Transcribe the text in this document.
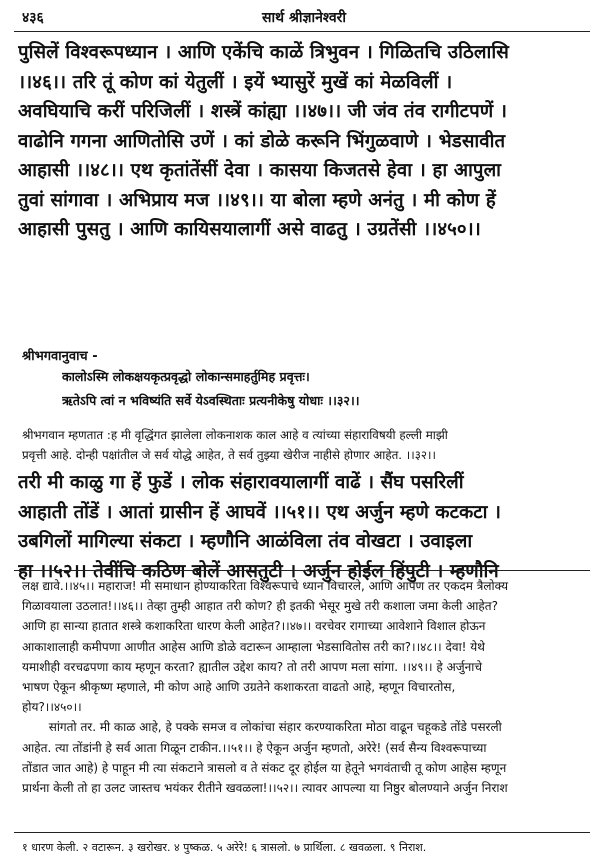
४३६	सार्थ श्रीज्ञानेश्वरी
पुसिलें विश्वरूपध्यान । आणि एकेंचि काळें त्रिभुवन । गिळितचि उठिलासि
।।४६।। तरि तूं कोण कां येतुलीं । इयें भ्यासुरें मुखें कां मेळविलीं ।
अवघियाचि करीं परिजिलीं । शस्त्रें कांह्या ।।४७।। जी जंव तंव रागीटपणें ।
वाढोनि गगना आणितोसि उणें । कां डोळे करूनि भिंगुळवाणे । भेडसावीत
आहासी ।।४८।। एथ कृतांतेंसीं देवा । कासया किजतसे हेवा । हा आपुला
तुवां सांगावा । अभिप्राय मज ।।४९।। या बोला म्हणे अनंतु । मी कोण हें
आहासी पुसतु । आणि कायिसयालागीं असे वाढतु । उग्रतेंसी ।।४५०।।
श्रीभगवानुवाच -
कालोऽस्मि लोकक्षयकृत्प्रवृद्धो लोकान्समाहर्तुमिह प्रवृत्तः।
ऋतेऽपि त्वां न भविष्यंति सर्वे येऽवस्थिताः प्रत्यनीकेषु योधाः ।।३२।।
श्रीभगवान म्हणतात :ह मी वृद्धिंगत झालेला लोकनाशक काल आहे व त्यांच्या संहाराविषयी हल्ली माझी
प्रवृत्ती आहे. दोन्ही पक्षांतील जे सर्व योद्धे आहेत, ते सर्व तुझ्या खेरीज नाहीसे होणार आहेत. ।।३२।।
तरी मी काळु गा हें फुडें । लोक संहारावयालागीं वाढें । सैंघ पसरिलीं
आहाती तोंडें । आतां ग्रासीन हें आघवें ।।५१।। एथ अर्जुन म्हणे कटकटा ।
उबगिलों मागिल्या संकटा । म्हणौनि आळंविला तंव वोखटा । उवाइला
हा ।।५२।। तेवींचि कठिण बोलें आसतुटी । अर्जुन होईल हिंपुटी । म्हणौनि
लक्ष द्यावे.।।४५।। महाराज! मी समाधान होण्याकरिता विश्वरूपाचे ध्यान विचारले, आणि आपण तर एकदम त्रैलोक्य
गिळावयाला उठलात!।।४६।। तेव्हा तुम्ही आहात तरी कोण? ही इतकी भेसूर मुखे तरी कशाला जमा केली आहेत?
आणि हा सान्या हातात शस्त्रे कशाकरिता धारण केली आहेत?।।४७।। वरचेवर रागाच्या आवेशाने विशाल होऊन
आकाशालाही कमीपणा आणीत आहेस आणि डोळे वटारून आम्हाला भेडसावितोस तरी का?।।४८।। देवा! येथे
यमाशीही वरचढपणा काय म्हणून करता? ह्यातील उद्देश काय? तो तरी आपण मला सांगा. ।।४९।। हे अर्जुनाचे
भाषण ऐकून श्रीकृष्ण म्हणाले, मी कोण आहे आणि उग्रतेने कशाकरता वाढतो आहे, म्हणून विचारतोस,
होय?।।४५०।।
सांगतो तर. मी काळ आहे, हे पक्के समज व लोकांचा संहार करण्याकरिता मोठा वाढून चहूकडे तोंडे पसरली
आहेत. त्या तोंडांनी हे सर्व आता गिळून टाकीन.।।५१।। हे ऐकून अर्जुन म्हणतो, अरेरे! (सर्व सैन्य विश्वरूपाच्या
तोंडात जात आहे) हे पाहून मी त्या संकटाने त्रासलो व ते संकट दूर होईल या हेतूने भगवंताची तू कोण आहेस म्हणून
प्रार्थना केली तो हा उलट जास्तच भयंकर रीतीने खवळला!।।५२।। त्यावर आपल्या या निष्ठुर बोलण्याने अर्जुन निराश
१ धारण केली. २ वटारून. ३ खरोखर. ४ पुष्कळ. ५ अरेरे! ६ त्रासलो. ७ प्रार्थिला. ८ खवळला. ९ निराश.
